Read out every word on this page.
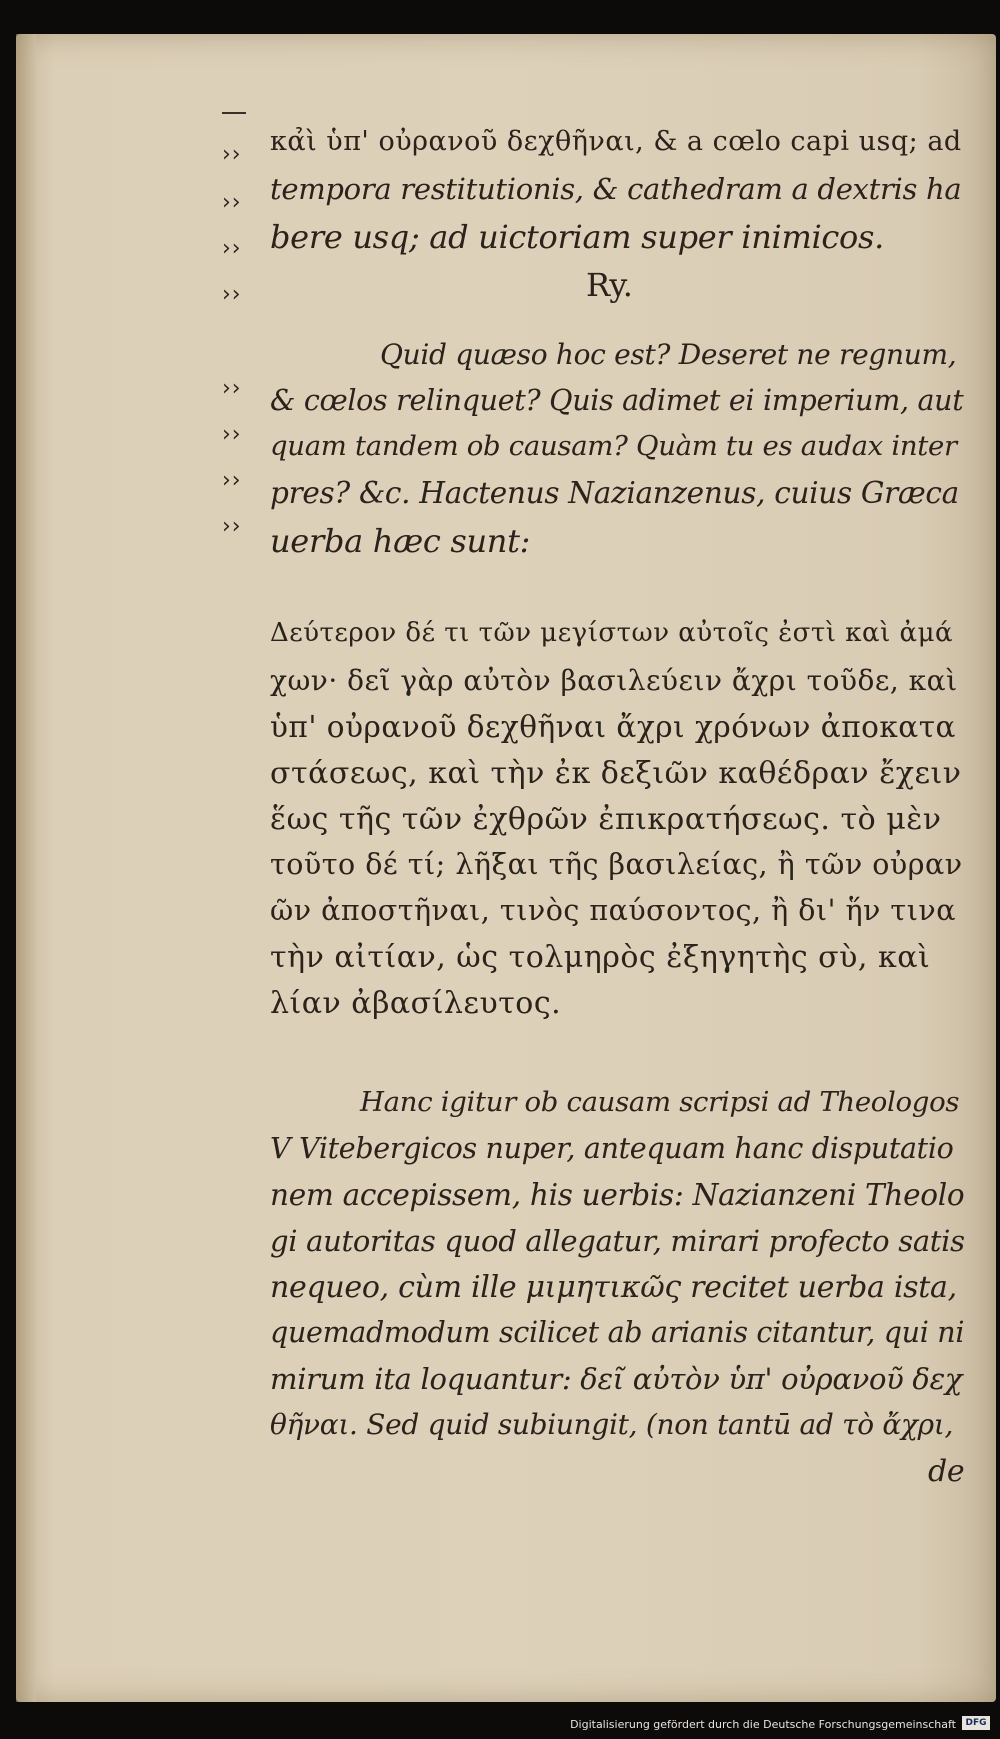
››
››
››
››
››
››
››
››
κα̉ὶ ὑπ' οὐρανοῦ δεχθῆναι, & a cœlo capi usq; ad
tempora restitutionis, & cathedram a dextris ha
bere usq; ad uictoriam super inimicos.
Ry.
Quid quæso hoc est? Deseret ne regnum,
& cœlos relinquet? Quis adimet ei imperium, aut
quam tandem ob causam? Quàm tu es audax inter
pres? &c. Hactenus Nazianzenus, cuius Græca
uerba hæc sunt:
Δεύτερον δέ τι τῶν μεγίστων αὐτοῖς ἐστὶ καὶ ἀμά
χων· δεῖ γὰρ αὐτὸν βασιλεύειν ἄχρι τοῦδε, καὶ
ὑπ' οὐρανοῦ δεχθῆναι ἄχρι χρόνων ἀποκατα
στάσεως, καὶ τὴν ἐκ δεξιῶν καθέδραν ἔχειν
ἕως τῆς τῶν ἐχθρῶν ἐπικρατήσεως. τὸ μὲν
τοῦτο δέ τί; λῆξαι τῆς βασιλείας, ἢ τῶν οὐραν
ῶν ἀποστῆναι, τινὸς παύσοντος, ἢ δι' ἥν τινα
τὴν αἰτίαν, ὡς τολμηρὸς ἐξηγητὴς σὺ, καὶ
λίαν ἀβασίλευτος.
Hanc igitur ob causam scripsi ad Theologos
V Vitebergicos nuper, antequam hanc disputatio
nem accepissem, his uerbis: Nazianzeni Theolo
gi autoritas quod allegatur, mirari profecto satis
nequeo, cùm ille μιμητικῶς recitet uerba ista,
quemadmodum scilicet ab arianis citantur, qui ni
mirum ita loquantur: δεῖ αὐτὸν ὑπ' οὐρανοῦ δεχ
θῆναι. Sed quid subiungit, (non tantū ad τὸ ἄχρι,
de
Digitalisierung gefördert durch die Deutsche Forschungsgemeinschaft	DFG
